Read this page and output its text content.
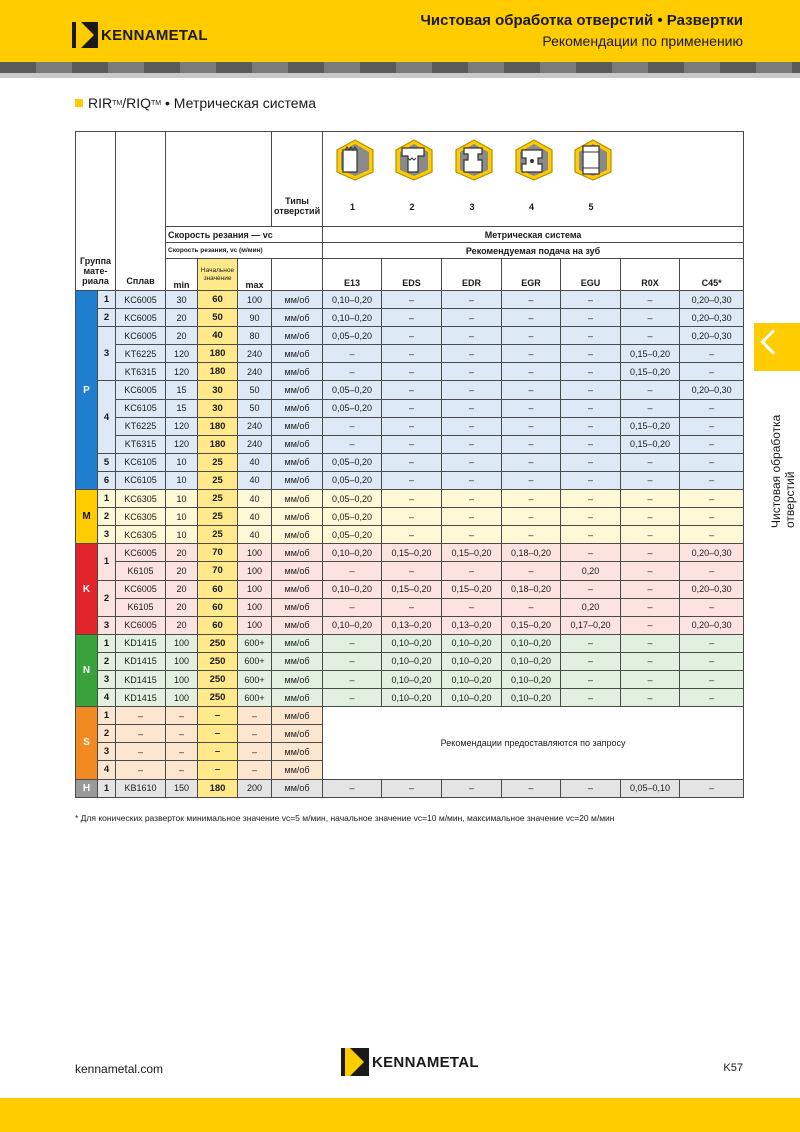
KENNAMETAL
Чистовая обработка отверстий • Развертки
Рекомендации по применению
RIR TM /RIQ TM • Метрическая система
Чистовая обработка отверстий
Группа мате-риала		Сплав				Типы отверстий	1 2 3 4 5						

			Скорость резания — vc				Метрическая система						
			Скорость резания, vc (м/мин)				Рекомендуемая подача на зуб						
			min	Начальное значение	max		E13	EDS	EDR	EGR	EGU	R0X	C45*
P	1	KC6005	30	60	100	мм/об	0,10–0,20	–	–	–	–	–	0,20–0,30
	2	KC6005	20	50	90	мм/об	0,10–0,20	–	–	–	–	–	0,20–0,30
	3	KC6005	20	40	80	мм/об	0,05–0,20	–	–	–	–	–	0,20–0,30
		KT6225	120	180	240	мм/об	–	–	–	–	–	0,15–0,20	–
		KT6315	120	180	240	мм/об	–	–	–	–	–	0,15–0,20	–
	4	KC6005	15	30	50	мм/об	0,05–0,20	–	–	–	–	–	0,20–0,30
		KC6105	15	30	50	мм/об	0,05–0,20	–	–	–	–	–	–
		KT6225	120	180	240	мм/об	–	–	–	–	–	0,15–0,20	–
		KT6315	120	180	240	мм/об	–	–	–	–	–	0,15–0,20	–
	5	KC6105	10	25	40	мм/об	0,05–0,20	–	–	–	–	–	–
	6	KC6105	10	25	40	мм/об	0,05–0,20	–	–	–	–	–	–
M	1	KC6305	10	25	40	мм/об	0,05–0,20	–	–	–	–	–	–
	2	KC6305	10	25	40	мм/об	0,05–0,20	–	–	–	–	–	–
	3	KC6305	10	25	40	мм/об	0,05–0,20	–	–	–	–	–	–
K	1	KC6005	20	70	100	мм/об	0,10–0,20	0,15–0,20	0,15–0,20	0,18–0,20	–	–	0,20–0,30
		K6105	20	70	100	мм/об	–	–	–	–	0,20	–	–
	2	KC6005	20	60	100	мм/об	0,10–0,20	0,15–0,20	0,15–0,20	0,18–0,20	–	–	0,20–0,30
		K6105	20	60	100	мм/об	–	–	–	–	0,20	–	–
	3	KC6005	20	60	100	мм/об	0,10–0,20	0,13–0,20	0,13–0,20	0,15–0,20	0,17–0,20	–	0,20–0,30
N	1	KD1415	100	250	600+	мм/об	–	0,10–0,20	0,10–0,20	0,10–0,20	–	–	–
	2	KD1415	100	250	600+	мм/об	–	0,10–0,20	0,10–0,20	0,10–0,20	–	–	–
	3	KD1415	100	250	600+	мм/об	–	0,10–0,20	0,10–0,20	0,10–0,20	–	–	–
	4	KD1415	100	250	600+	мм/об	–	0,10–0,20	0,10–0,20	0,10–0,20	–	–	–
S	1	–	–	–	–	мм/об	Рекомендации предоставляются по запросу						
	2	–	–	–	–	мм/об							
	3	–	–	–	–	мм/об							
	4	–	–	–	–	мм/об							
H	1	KB1610	150	180	200	мм/об	–	–	–	–	–	0,05–0,10	–
* Для конических разверток минимальное значение vc=5 м/мин, начальное значение vc=10 м/мин, максимальное значение vc=20 м/мин
kennametal.com	KENNAMETAL	K57
